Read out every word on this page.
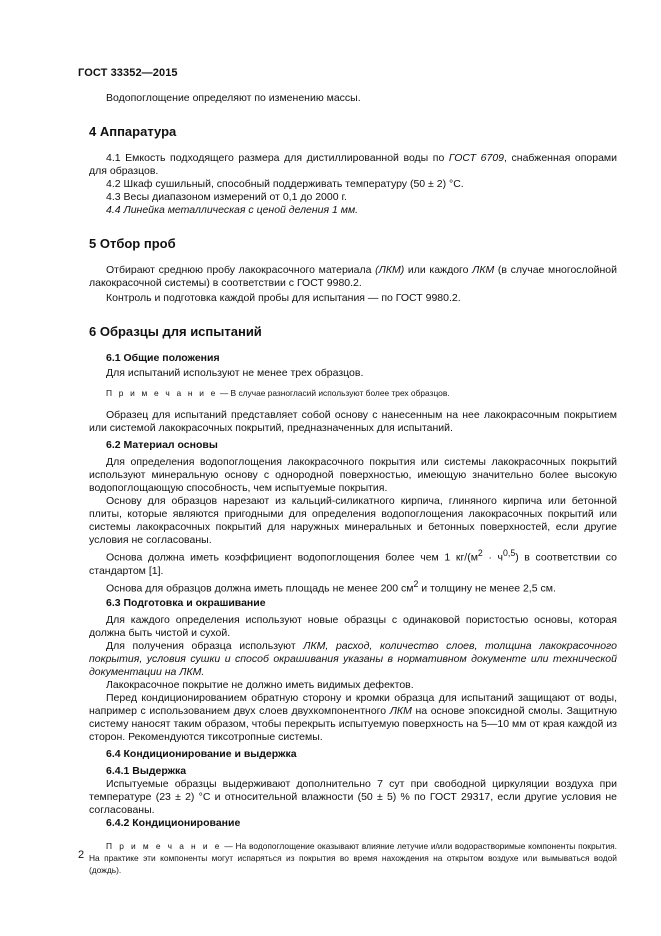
ГОСТ 33352—2015

Водопоглощение определяют по изменению массы.

4 Аппаратура

4.1 Емкость подходящего размера для дистиллированной воды по ГОСТ 6709, снабженная опорами для образцов.

4.2 Шкаф сушильный, способный поддерживать температуру (50 ± 2) °С.

4.3 Весы диапазоном измерений от 0,1 до 2000 г.

4.4 Линейка металлическая с ценой деления 1 мм.

5 Отбор проб

Отбирают среднюю пробу лакокрасочного материала (ЛКМ) или каждого ЛКМ (в случае многослойной лакокрасочной системы) в соответствии с ГОСТ 9980.2.

Контроль и подготовка каждой пробы для испытания — по ГОСТ 9980.2.

6 Образцы для испытаний
6.1 Общие положения

Для испытаний используют не менее трех образцов.

П р и м е ч а н и е — В случае разногласий используют более трех образцов.

Образец для испытаний представляет собой основу с нанесенным на нее лакокрасочным покрытием или системой лакокрасочных покрытий, предназначенных для испытаний.

6.2 Материал основы

Для определения водопоглощения лакокрасочного покрытия или системы лакокрасочных покрытий используют минеральную основу с однородной поверхностью, имеющую значительно более высокую водопоглощающую способность, чем испытуемые покрытия.

Основу для образцов нарезают из кальций-силикатного кирпича, глиняного кирпича или бетонной плиты, которые являются пригодными для определения водопоглощения лакокрасочных покрытий или системы лакокрасочных покрытий для наружных минеральных и бетонных поверхностей, если другие условия не согласованы.

Основа должна иметь коэффициент водопоглощения более чем 1 $кг/(м^2 \cdot ч^{0,5})$ в соответствии со стандартом [1].

Основа для образцов должна иметь площадь не менее 200 $см^2$ и толщину не менее 2,5 см.

6.3 Подготовка и окрашивание

Для каждого определения используют новые образцы с одинаковой пористостью основы, которая должна быть чистой и сухой.

Для получения образца используют ЛКМ, расход, количество слоев, толщина лакокрасочного покрытия, условия сушки и способ окрашивания указаны в нормативном документе или технической документации на ЛКМ.

Лакокрасочное покрытие не должно иметь видимых дефектов.

Перед кондиционированием обратную сторону и кромки образца для испытаний защищают от воды, например с использованием двух слоев двухкомпонентного ЛКМ на основе эпоксидной смолы. Защитную систему наносят таким образом, чтобы перекрыть испытуемую поверхность на 5—10 мм от края каждой из сторон. Рекомендуются тиксотропные системы.

6.4 Кондиционирование и выдержка
6.4.1 Выдержка

Испытуемые образцы выдерживают дополнительно 7 сут при свободной циркуляции воздуха при температуре (23 ± 2) °С и относительной влажности (50 ± 5) % по ГОСТ 29317, если другие условия не согласованы.

6.4.2 Кондиционирование

П р и м е ч а н и е — На водопоглощение оказывают влияние летучие и/или водорастворимые компоненты покрытия. На практике эти компоненты могут испаряться из покрытия во время нахождения на открытом воздухе или вымываться водой (дождь).

2
